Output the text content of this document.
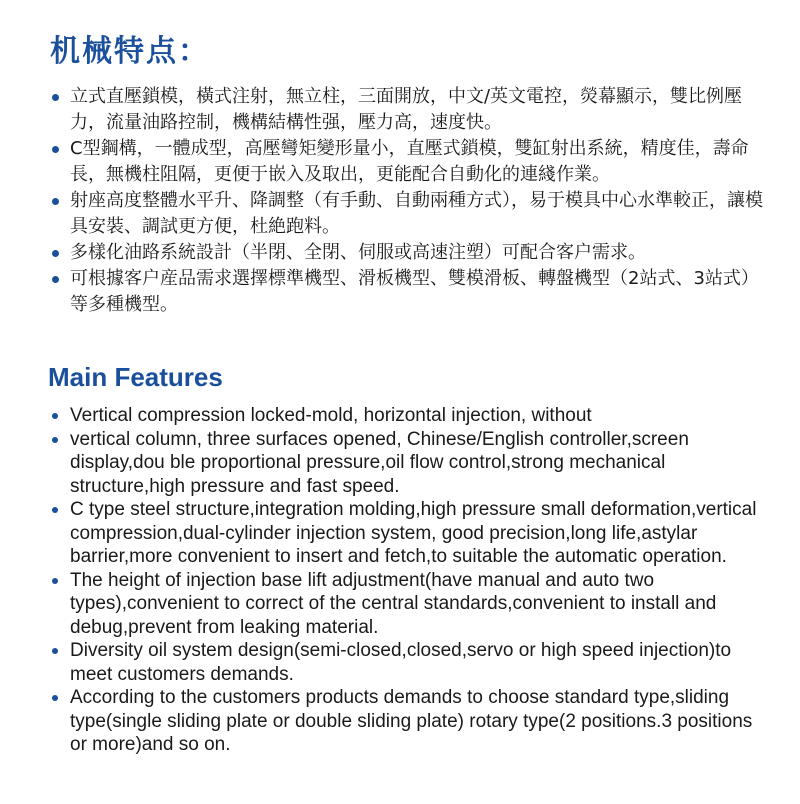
机械特点：
立式直壓鎖模，橫式注射，無立柱，三面開放，中文/英文電控，熒幕顯示，雙比例壓力，流量油路控制，機構結構性强，壓力高，速度快。
C型鋼構，一體成型，高壓彎矩變形量小，直壓式鎖模，雙缸射出系統，精度佳，壽命長，無機柱阻隔，更便于嵌入及取出，更能配合自動化的連綫作業。
射座高度整體水平升、降調整（有手動、自動兩種方式），易于模具中心水準較正，讓模具安裝、調試更方便，杜絶跑料。
多樣化油路系統設計（半閉、全閉、伺服或高速注塑）可配合客户需求。
可根據客户産品需求選擇標準機型、滑板機型、雙模滑板、轉盤機型（2站式、3站式）等多種機型。
Main Features
Vertical compression locked-mold, horizontal injection, without
vertical column, three surfaces opened, Chinese/English controller,screen display,dou ble proportional pressure,oil flow control,strong mechanical structure,high pressure and fast speed.
C type steel structure,integration molding,high pressure small deformation,vertical compression,dual-cylinder injection system, good precision,long life,astylar barrier,more convenient to insert and fetch,to suitable the automatic operation.
The height of injection base lift adjustment(have manual and auto two types),convenient to correct of the central standards,convenient to install and debug,prevent from leaking material.
Diversity oil system design(semi-closed,closed,servo or high speed injection)to meet customers demands.
According to the customers products demands to choose standard type,sliding type(single sliding plate or double sliding plate) rotary type(2 positions.3 positions or more)and so on.
